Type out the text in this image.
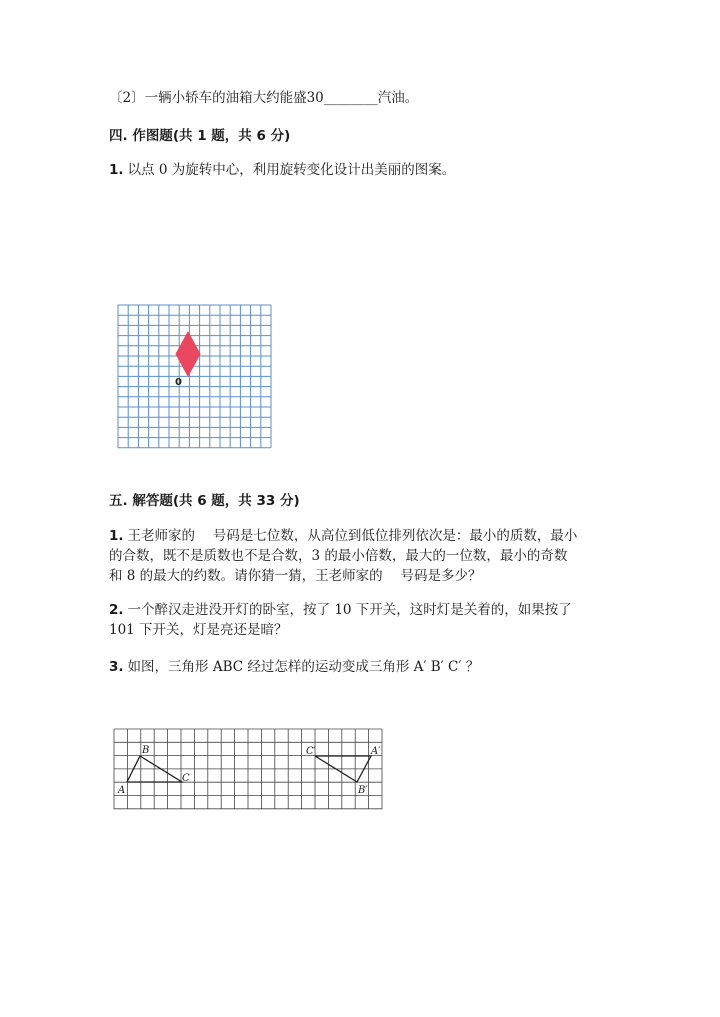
〔2〕一辆小轿车的油箱大约能盛30________汽油。
四. 作图题(共 1 题，共 6 分)
1. 以点 0 为旋转中心，利用旋转变化设计出美丽的图案。
0
五. 解答题(共 6 题，共 33 分)
1. 王老师家的　 号码是七位数，从高位到低位排列依次是：最小的质数，最小
的合数，既不是质数也不是合数，3 的最小倍数，最大的一位数，最小的奇数
和 8 的最大的约数。请你猜一猜，王老师家的　 号码是多少？
2. 一个醉汉走进没开灯的卧室，按了 10 下开关，这时灯是关着的，如果按了
101 下开关，灯是亮还是暗？
3. 如图，三角形 ABC 经过怎样的运动变成三角形 A′ B′ C′ ？
A
B
C
C′	A′
B′
